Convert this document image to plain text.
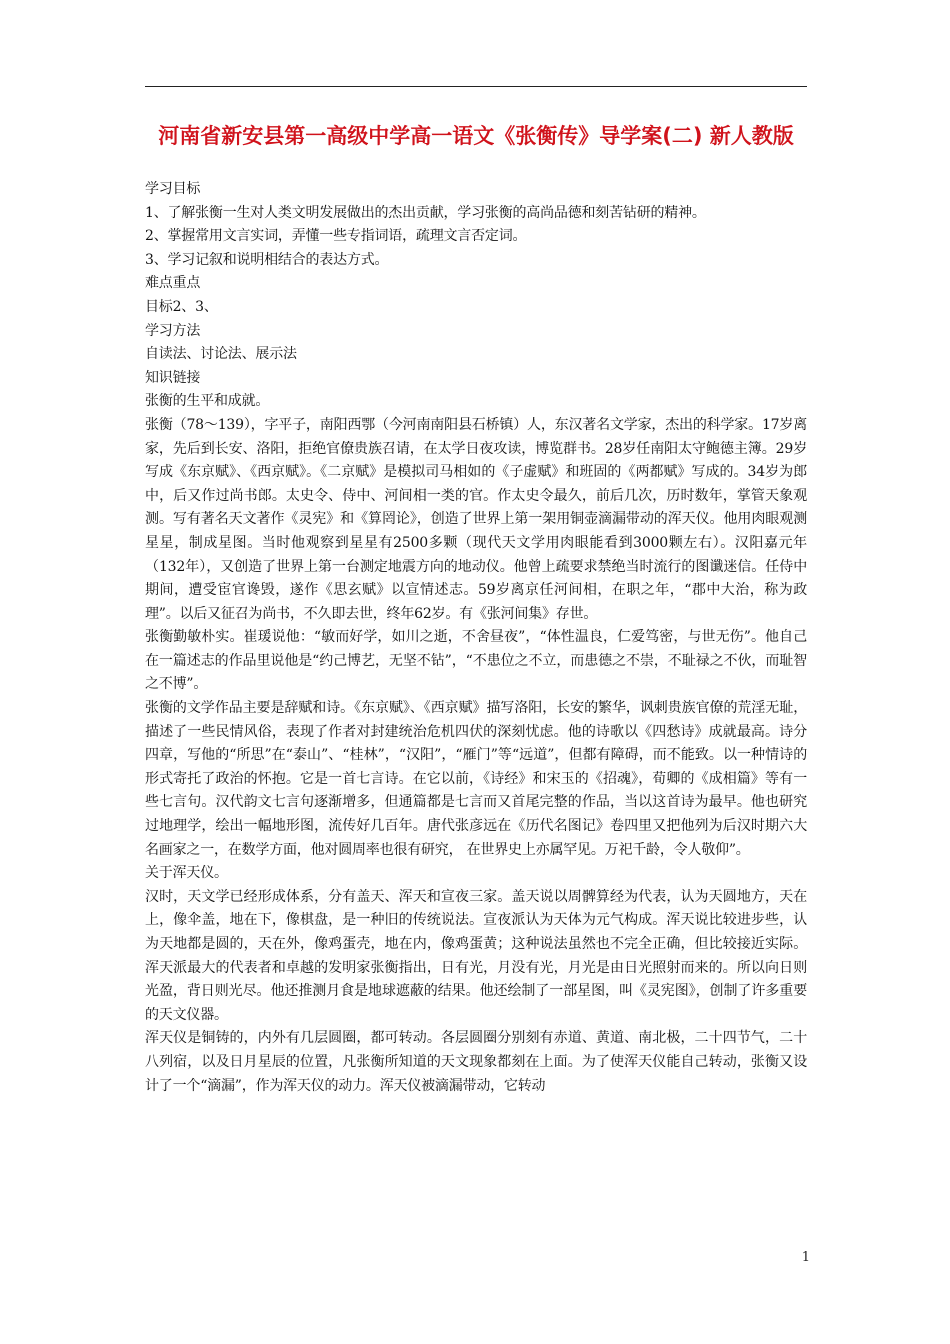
河南省新安县第一高级中学高一语文《张衡传》导学案(二) 新人教版

学习目标

1、了解张衡一生对人类文明发展做出的杰出贡献，学习张衡的高尚品德和刻苦钻研的精神。

2、掌握常用文言实词，弄懂一些专指词语，疏理文言否定词。

3、学习记叙和说明相结合的表达方式。

难点重点

目标2、3、

学习方法

自读法、讨论法、展示法

知识链接

张衡的生平和成就。

张衡（78～139），字平子，南阳西鄂（今河南南阳县石桥镇）人，东汉著名文学家，杰出的科学家。17岁离家，先后到长安、洛阳，拒绝官僚贵族召请，在太学日夜攻读，博览群书。28岁任南阳太守鲍德主簿。29岁写成《东京赋》、《西京赋》。《二京赋》是模拟司马相如的《子虚赋》和班固的《两都赋》写成的。34岁为郎中，后又作过尚书郎。太史令、侍中、河间相一类的官。作太史令最久，前后几次，历时数年，掌管天象观测。写有著名天文著作《灵宪》和《算罔论》，创造了世界上第一架用铜壶滴漏带动的浑天仪。他用肉眼观测星星，制成星图。当时他观察到星星有2500多颗（现代天文学用肉眼能看到3000颗左右）。汉阳嘉元年（132年），又创造了世界上第一台测定地震方向的地动仪。他曾上疏要求禁绝当时流行的图谶迷信。任侍中期间，遭受宦官谗毁，遂作《思玄赋》以宣情述志。59岁离京任河间相，在职之年，“郡中大治，称为政理”。以后又征召为尚书，不久即去世，终年62岁。有《张河间集》存世。

张衡勤敏朴实。崔瑗说他：“敏而好学，如川之逝，不舍昼夜”，“体性温良，仁爱笃密，与世无伤”。他自己在一篇述志的作品里说他是“约己博艺，无坚不钻”，“不患位之不立，而患德之不崇，不耻禄之不伙，而耻智之不博”。

张衡的文学作品主要是辞赋和诗。《东京赋》、《西京赋》描写洛阳，长安的繁华，讽刺贵族官僚的荒淫无耻，描述了一些民情风俗，表现了作者对封建统治危机四伏的深刻忧虑。他的诗歌以《四愁诗》成就最高。诗分四章，写他的“所思”在“泰山”、“桂林”，“汉阳”，“雁门”等“远道”，但都有障碍，而不能致。以一种情诗的形式寄托了政治的怀抱。它是一首七言诗。在它以前，《诗经》和宋玉的《招魂》，荀卿的《成相篇》等有一些七言句。汉代韵文七言句逐渐增多，但通篇都是七言而又首尾完整的作品，当以这首诗为最早。他也研究过地理学，绘出一幅地形图，流传好几百年。唐代张彦远在《历代名图记》卷四里又把他列为后汉时期六大名画家之一，在数学方面，他对圆周率也很有研究， 在世界史上亦属罕见。万祀千龄，令人敬仰”。

关于浑天仪。

汉时，天文学已经形成体系，分有盖天、浑天和宣夜三家。盖天说以周髀算经为代表，认为天圆地方，天在上，像伞盖，地在下，像棋盘，是一种旧的传统说法。宣夜派认为天体为元气构成。浑天说比较进步些，认为天地都是圆的，天在外，像鸡蛋壳，地在内，像鸡蛋黄；这种说法虽然也不完全正确，但比较接近实际。浑天派最大的代表者和卓越的发明家张衡指出，日有光，月没有光，月光是由日光照射而来的。所以向日则光盈，背日则光尽。他还推测月食是地球遮蔽的结果。他还绘制了一部星图，叫《灵宪图》，创制了许多重要的天文仪器。

浑天仪是铜铸的，内外有几层圆圈，都可转动。各层圆圈分别刻有赤道、黄道、南北极，二十四节气，二十八列宿，以及日月星辰的位置，凡张衡所知道的天文现象都刻在上面。为了使浑天仪能自己转动，张衡又设计了一个“滴漏”，作为浑天仪的动力。浑天仪被滴漏带动，它转动

1
